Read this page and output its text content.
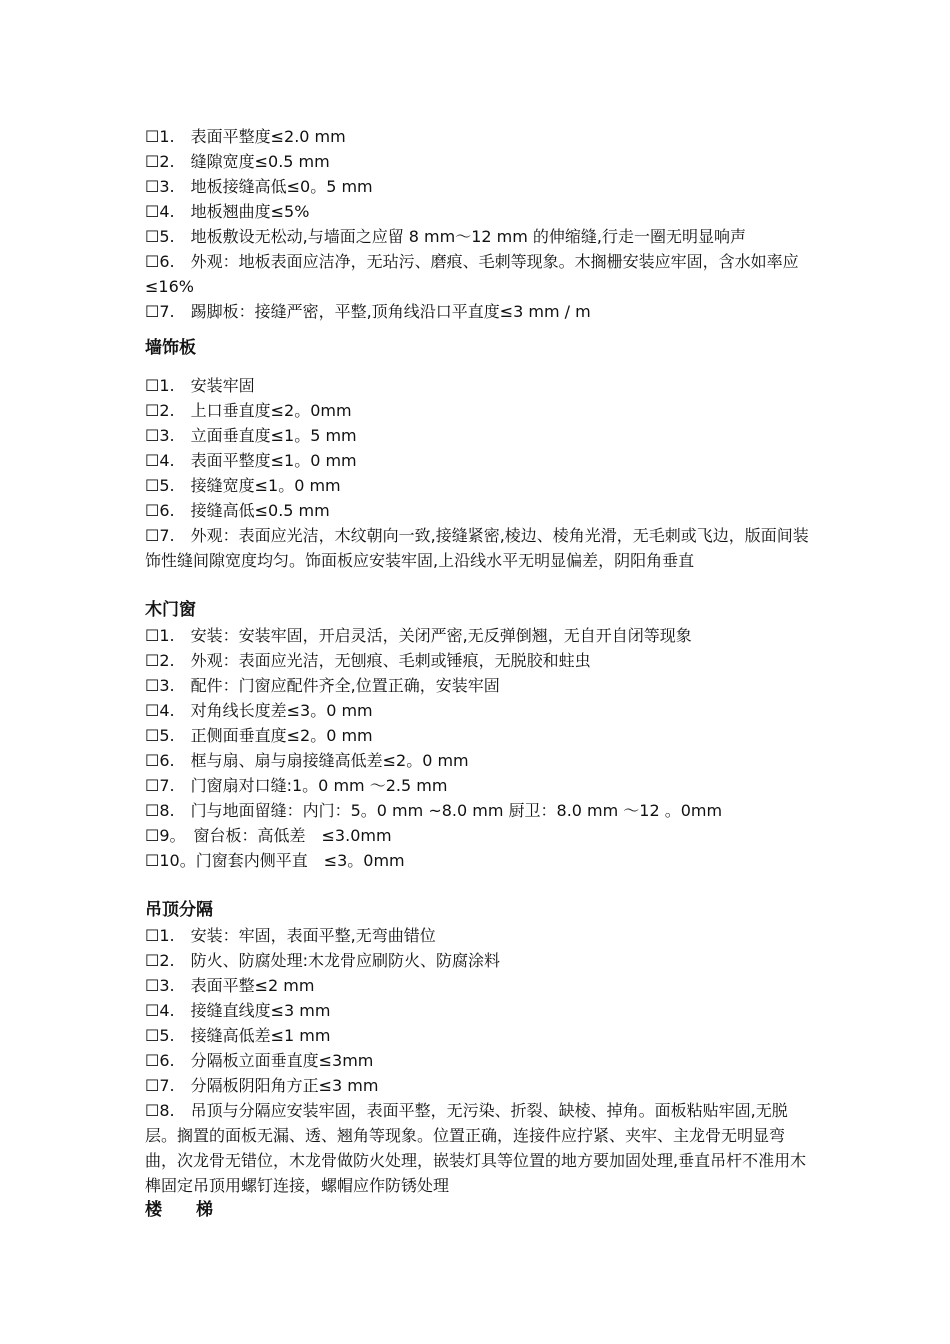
☐1.　表面平整度≤2.0 mm
☐2.　缝隙宽度≤0.5 mm
☐3.　地板接缝高低≤0。5 mm
☐4.　地板翘曲度≤5%
☐5.　地板敷设无松动,与墙面之应留 8 mm～12 mm 的伸缩缝,行走一圈无明显响声
☐6.　外观：地板表面应洁净，无玷污、磨痕、毛刺等现象。木搁栅安装应牢固，含水如率应≤16%
☐7.　踢脚板：接缝严密，平整,顶角线沿口平直度≤3 mm / m
墙饰板
☐1.　安装牢固
☐2.　上口垂直度≤2。0mm
☐3.　立面垂直度≤1。5 mm
☐4.　表面平整度≤1。0 mm
☐5.　接缝宽度≤1。0 mm
☐6.　接缝高低≤0.5 mm
☐7.　外观：表面应光洁，木纹朝向一致,接缝紧密,棱边、棱角光滑，无毛刺或飞边，版面间装饰性缝间隙宽度均匀。饰面板应安装牢固,上沿线水平无明显偏差，阴阳角垂直
木门窗
☐1.　安装：安装牢固，开启灵活，关闭严密,无反弹倒翘，无自开自闭等现象
☐2.　外观：表面应光洁，无刨痕、毛刺或锤痕，无脱胶和蛀虫
☐3.　配件：门窗应配件齐全,位置正确，安装牢固
☐4.　对角线长度差≤3。0 mm
☐5.　正侧面垂直度≤2。0 mm
☐6.　框与扇、扇与扇接缝高低差≤2。0 mm
☐7.　门窗扇对口缝:1。0 mm ～2.5 mm
☐8.　门与地面留缝：内门：5。0 mm ~8.0 mm 厨卫：8.0 mm ～12 。0mm
☐9。　窗台板：高低差　≤3.0mm
☐10。门窗套内侧平直　≤3。0mm
吊顶分隔
☐1.　安装：牢固，表面平整,无弯曲错位
☐2.　防火、防腐处理:木龙骨应刷防火、防腐涂料
☐3.　表面平整≤2 mm
☐4.　接缝直线度≤3 mm
☐5.　接缝高低差≤1 mm
☐6.　分隔板立面垂直度≤3mm
☐7.　分隔板阴阳角方正≤3 mm
☐8.　吊顶与分隔应安装牢固，表面平整，无污染、折裂、缺棱、掉角。面板粘贴牢固,无脱层。搁置的面板无漏、透、翘角等现象。位置正确，连接件应拧紧、夹牢、主龙骨无明显弯曲，次龙骨无错位，木龙骨做防火处理，嵌装灯具等位置的地方要加固处理,垂直吊杆不准用木榫固定吊顶用螺钉连接，螺帽应作防锈处理
楼　　梯
